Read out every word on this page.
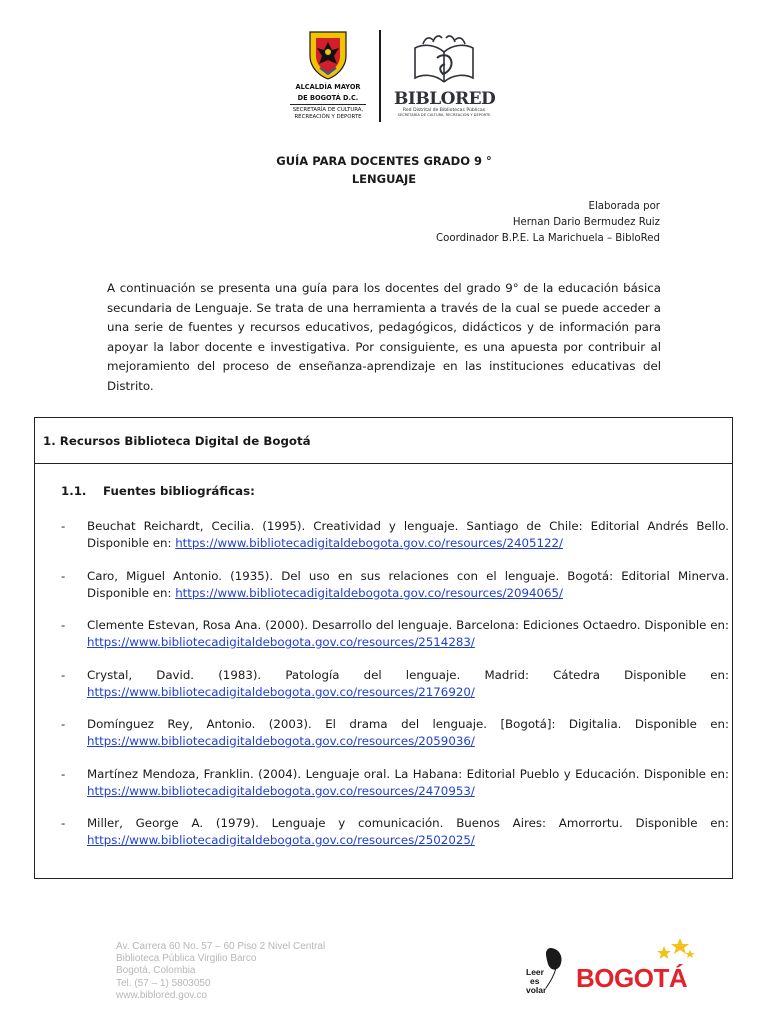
ALCALDÍA MAYOR
DE BOGOTÁ D.C.
SECRETARÍA DE CULTURA,
RECREACIÓN Y DEPORTE
BIBLORED
Red Distrital de Bibliotecas Públicas
SECRETARÍA DE CULTURA, RECREACIÓN Y DEPORTE
GUÍA PARA DOCENTES GRADO 9 °
LENGUAJE
Elaborada por
Hernan Dario Bermudez Ruiz
Coordinador B.P.E. La Marichuela – BibloRed
A continuación se presenta una guía para los docentes del grado 9° de la educación básica secundaria de Lenguaje. Se trata de una herramienta a través de la cual se puede acceder a una serie de fuentes y recursos educativos, pedagógicos, didácticos y de información para apoyar la labor docente e investigativa. Por consiguiente, es una apuesta por contribuir al mejoramiento del proceso de enseñanza-aprendizaje en las instituciones educativas del Distrito.
1. Recursos Biblioteca Digital de Bogotá
1.1. Fuentes bibliográficas:
- Beuchat Reichardt, Cecilia. (1995). Creatividad y lenguaje. Santiago de Chile: Editorial Andrés Bello. Disponible en: https://www.bibliotecadigitaldebogota.gov.co/resources/2405122/
- Caro, Miguel Antonio. (1935). Del uso en sus relaciones con el lenguaje. Bogotá: Editorial Minerva. Disponible en: https://www.bibliotecadigitaldebogota.gov.co/resources/2094065/
- Clemente Estevan, Rosa Ana. (2000). Desarrollo del lenguaje. Barcelona: Ediciones Octaedro. Disponible en: https://www.bibliotecadigitaldebogota.gov.co/resources/2514283/
- Crystal, David. (1983). Patología del lenguaje. Madrid: Cátedra Disponible en: https://www.bibliotecadigitaldebogota.gov.co/resources/2176920/
- Domínguez Rey, Antonio. (2003). El drama del lenguaje. [Bogotá]: Digitalia. Disponible en: https://www.bibliotecadigitaldebogota.gov.co/resources/2059036/
- Martínez Mendoza, Franklin. (2004). Lenguaje oral. La Habana: Editorial Pueblo y Educación. Disponible en: https://www.bibliotecadigitaldebogota.gov.co/resources/2470953/
- Miller, George A. (1979). Lenguaje y comunicación. Buenos Aires: Amorrortu. Disponible en: https://www.bibliotecadigitaldebogota.gov.co/resources/2502025/
Av. Carrera 60 No. 57 – 60 Piso 2 Nivel Central
Biblioteca Pública Virgilio Barco
Bogotá, Colombia
Tel. (57 – 1) 5803050
www.biblored.gov.co
Leer
es
volar BOGOTÁ
